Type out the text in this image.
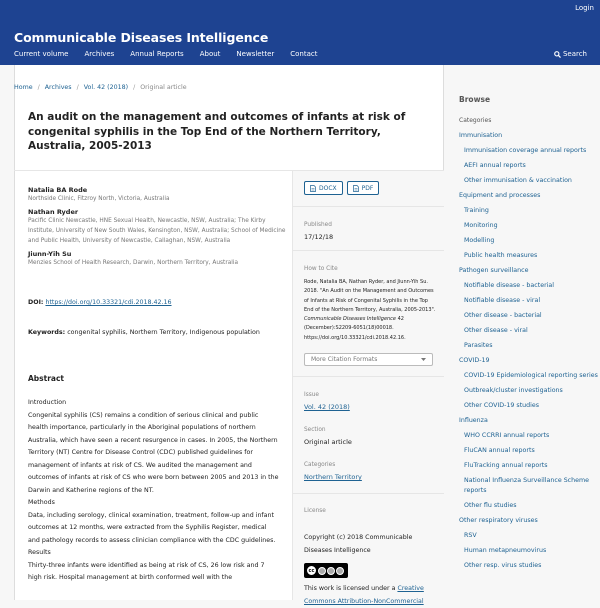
Login
Communicable Diseases Intelligence
Current volume Archives Annual Reports About Newsletter Contact	Search
Home / Archives / Vol. 42 (2018) / Original article
An audit on the management and outcomes of infants at risk of congenital syphilis in the Top End of the Northern Territory, Australia, 2005-2013
Natalia BA Rode
Northside Clinic, Fitzroy North, Victoria, Australia
Nathan Ryder
Pacific Clinic Newcastle, HNE Sexual Health, Newcastle, NSW, Australia; The Kirby Institute, University of New South Wales, Kensington, NSW, Australia; School of Medicine and Public Health, University of Newcastle, Callaghan, NSW, Australia
Jiunn-Yih Su
Menzies School of Health Research, Darwin, Northern Territory, Australia
DOI: https://doi.org/10.33321/cdi.2018.42.16
Keywords: congenital syphilis, Northern Territory, Indigenous population
Abstract
Introduction
Congenital syphilis (CS) remains a condition of serious clinical and public health importance, particularly in the Aboriginal populations of northern Australia, which have seen a recent resurgence in cases. In 2005, the Northern Territory (NT) Centre for Disease Control (CDC) published guidelines for management of infants at risk of CS. We audited the management and outcomes of infants at risk of CS who were born between 2005 and 2013 in the Darwin and Katherine regions of the NT.
Methods
Data, including serology, clinical examination, treatment, follow-up and infant outcomes at 12 months, were extracted from the Syphilis Register, medical and pathology records to assess clinician compliance with the CDC guidelines.
Results
Thirty-three infants were identified as being at risk of CS, 26 low risk and 7 high risk. Hospital management at birth conformed well with the
DOCX	PDF
Published
17/12/18
How to Cite
Rode, Natalia BA, Nathan Ryder, and Jiunn-Yih Su. 2018. "An Audit on the Management and Outcomes of Infants at Risk of Congenital Syphilis in the Top End of the Northern Territory, Australia, 2005-2013". Communicable Diseases Intelligence 42 (December):S2209-6051(18)00018. https://doi.org/10.33321/cdi.2018.42.16.
More Citation Formats
Issue
Vol. 42 (2018)
Section
Original article
Categories
Northern Territory
License
Copyright (c) 2018 Communicable Diseases Intelligence
cc
This work is licensed under a Creative Commons Attribution-NonCommercial
Browse
Categories
Immunisation
Immunisation coverage annual reports
AEFI annual reports
Other immunisation & vaccination
Equipment and processes
Training
Monitoring
Modelling
Public health measures
Pathogen surveillance
Notifiable disease - bacterial
Notifiable disease - viral
Other disease - bacterial
Other disease - viral
Parasites
COVID-19
COVID-19 Epidemiological reporting series
Outbreak/cluster investigations
Other COVID-19 studies
Influenza
WHO CCRRI annual reports
FluCAN annual reports
FluTracking annual reports
National Influenza Surveillance Scheme reports
Other flu studies
Other respiratory viruses
RSV
Human metapneumovirus
Other resp. virus studies
